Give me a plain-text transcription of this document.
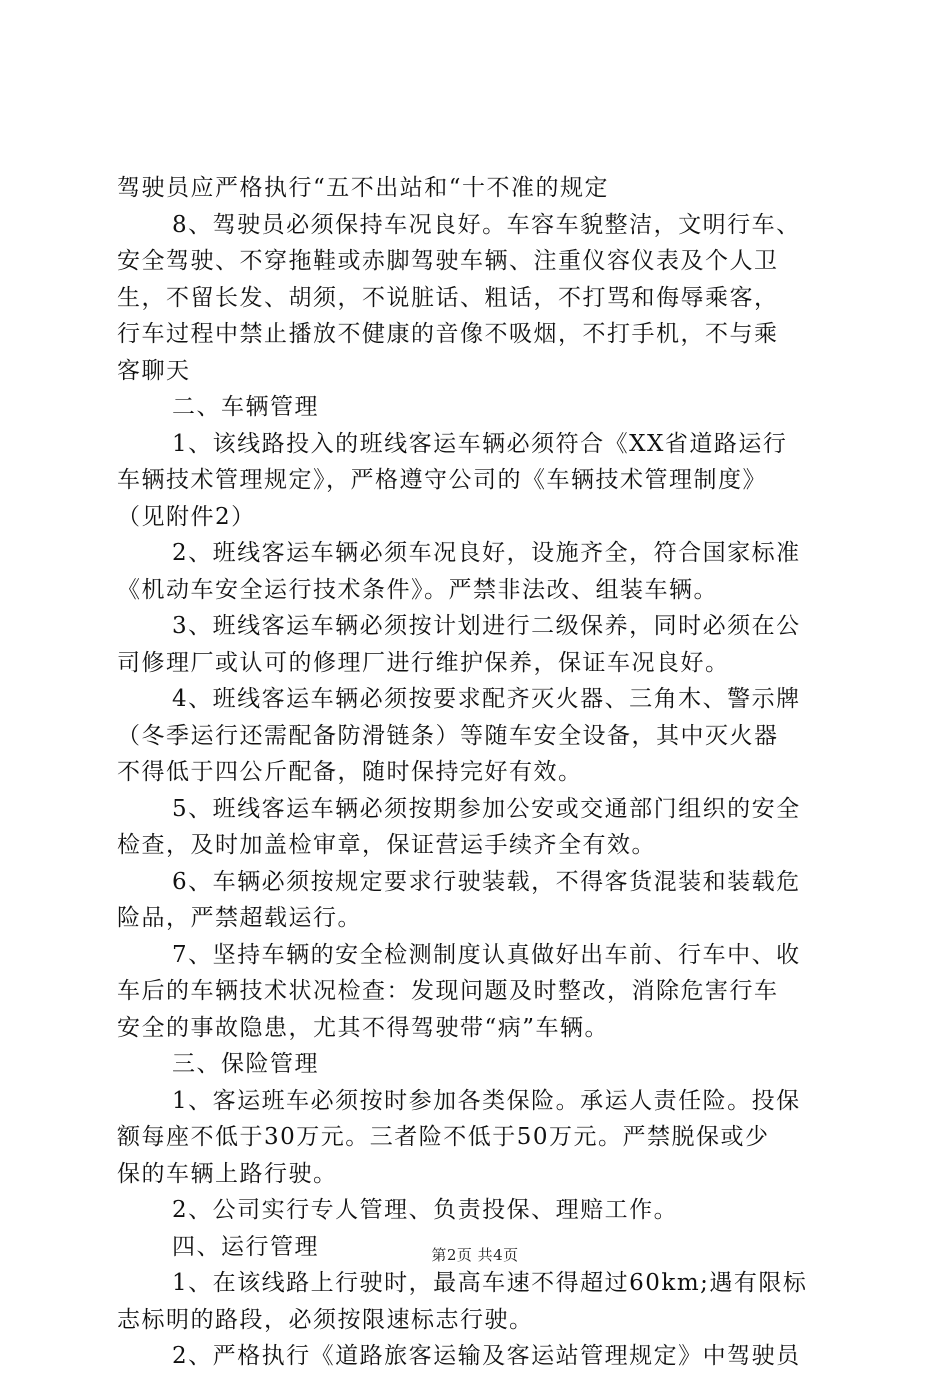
驾驶员应严格执行“五不出站和“十不准的规定
8、驾驶员必须保持车况良好。车容车貌整洁，文明行车、
安全驾驶、不穿拖鞋或赤脚驾驶车辆、注重仪容仪表及个人卫
生，不留长发、胡须，不说脏话、粗话，不打骂和侮辱乘客，
行车过程中禁止播放不健康的音像不吸烟，不打手机，不与乘
客聊天
二、车辆管理
1、该线路投入的班线客运车辆必须符合《XX省道路运行
车辆技术管理规定》，严格遵守公司的《车辆技术管理制度》
（见附件2）
2、班线客运车辆必须车况良好，设施齐全，符合国家标准
《机动车安全运行技术条件》。严禁非法改、组装车辆。
3、班线客运车辆必须按计划进行二级保养，同时必须在公
司修理厂或认可的修理厂进行维护保养，保证车况良好。
4、班线客运车辆必须按要求配齐灭火器、三角木、警示牌
（冬季运行还需配备防滑链条）等随车安全设备，其中灭火器
不得低于四公斤配备，随时保持完好有效。
5、班线客运车辆必须按期参加公安或交通部门组织的安全
检查，及时加盖检审章，保证营运手续齐全有效。
6、车辆必须按规定要求行驶装载，不得客货混装和装载危
险品，严禁超载运行。
7、坚持车辆的安全检测制度认真做好出车前、行车中、收
车后的车辆技术状况检查：发现问题及时整改，消除危害行车
安全的事故隐患，尤其不得驾驶带“病”车辆。
三、保险管理
1、客运班车必须按时参加各类保险。承运人责任险。投保
额每座不低于30万元。三者险不低于50万元。严禁脱保或少
保的车辆上路行驶。
2、公司实行专人管理、负责投保、理赔工作。
四、运行管理
1、在该线路上行驶时，最高车速不得超过60km;遇有限标
志标明的路段，必须按限速标志行驶。
2、严格执行《道路旅客运输及客运站管理规定》中驾驶员
第2页 共4页
